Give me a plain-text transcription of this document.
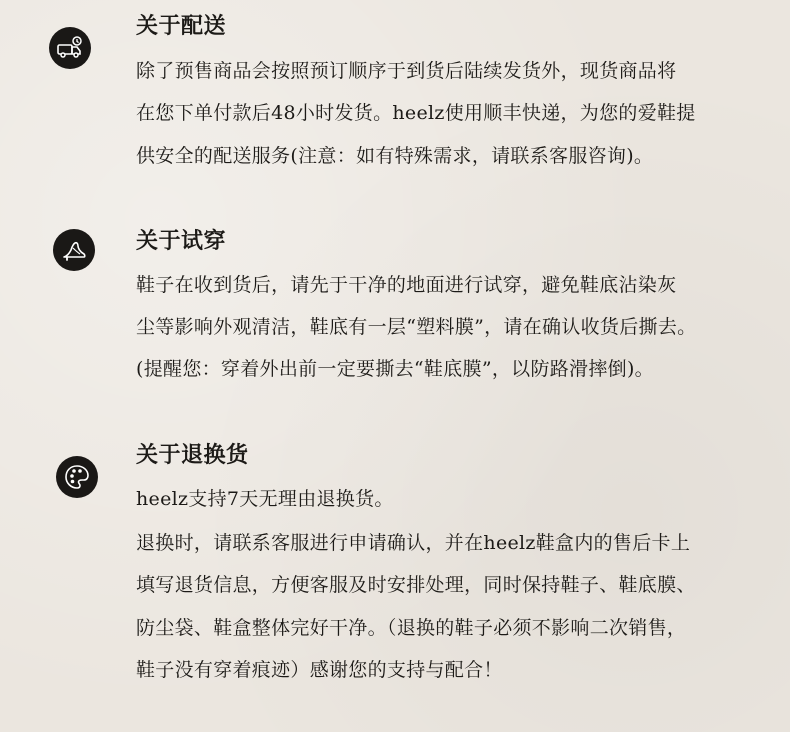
关于配送
除了预售商品会按照预订顺序于到货后陆续发货外，现货商品将
在您下单付款后48小时发货。heelz使用顺丰快递，为您的爱鞋提
供安全的配送服务(注意：如有特殊需求，请联系客服咨询)。
关于试穿
鞋子在收到货后，请先于干净的地面进行试穿，避免鞋底沾染灰
尘等影响外观清洁，鞋底有一层“塑料膜”，请在确认收货后撕去。
(提醒您：穿着外出前一定要撕去“鞋底膜”，以防路滑摔倒)。
关于退换货
heelz支持7天无理由退换货。
退换时，请联系客服进行申请确认，并在heelz鞋盒内的售后卡上
填写退货信息，方便客服及时安排处理，同时保持鞋子、鞋底膜、
防尘袋、鞋盒整体完好干净。（退换的鞋子必须不影响二次销售，
鞋子没有穿着痕迹）感谢您的支持与配合！
